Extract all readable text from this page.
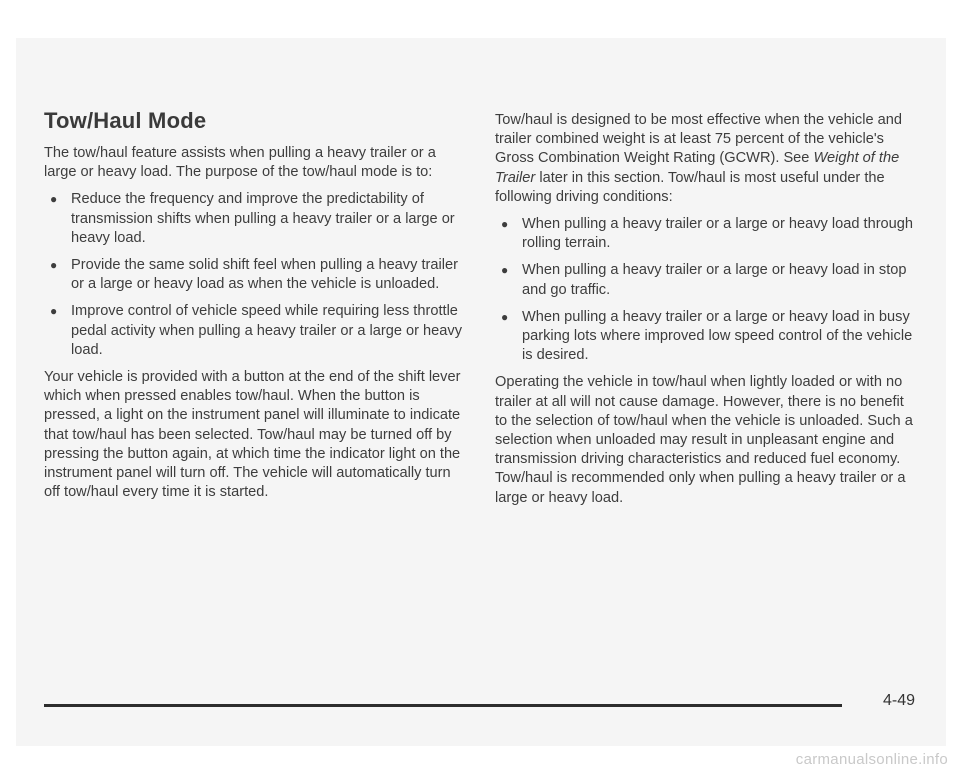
Tow/Haul Mode

The tow/haul feature assists when pulling a heavy trailer or a large or heavy load. The purpose of the tow/haul mode is to:

● Reduce the frequency and improve the predictability of transmission shifts when pulling a heavy trailer or a large or heavy load.
● Provide the same solid shift feel when pulling a heavy trailer or a large or heavy load as when the vehicle is unloaded.
● Improve control of vehicle speed while requiring less throttle pedal activity when pulling a heavy trailer or a large or heavy load.

Your vehicle is provided with a button at the end of the shift lever which when pressed enables tow/haul. When the button is pressed, a light on the instrument panel will illuminate to indicate that tow/haul has been selected. Tow/haul may be turned off by pressing the button again, at which time the indicator light on the instrument panel will turn off. The vehicle will automatically turn off tow/haul every time it is started.

Tow/haul is designed to be most effective when the vehicle and trailer combined weight is at least 75 percent of the vehicle's Gross Combination Weight Rating (GCWR). See Weight of the Trailer later in this section. Tow/haul is most useful under the following driving conditions:

● When pulling a heavy trailer or a large or heavy load through rolling terrain.
● When pulling a heavy trailer or a large or heavy load in stop and go traffic.
● When pulling a heavy trailer or a large or heavy load in busy parking lots where improved low speed control of the vehicle is desired.

Operating the vehicle in tow/haul when lightly loaded or with no trailer at all will not cause damage. However, there is no benefit to the selection of tow/haul when the vehicle is unloaded. Such a selection when unloaded may result in unpleasant engine and transmission driving characteristics and reduced fuel economy. Tow/haul is recommended only when pulling a heavy trailer or a large or heavy load.

4-49
carmanualsonline.info
